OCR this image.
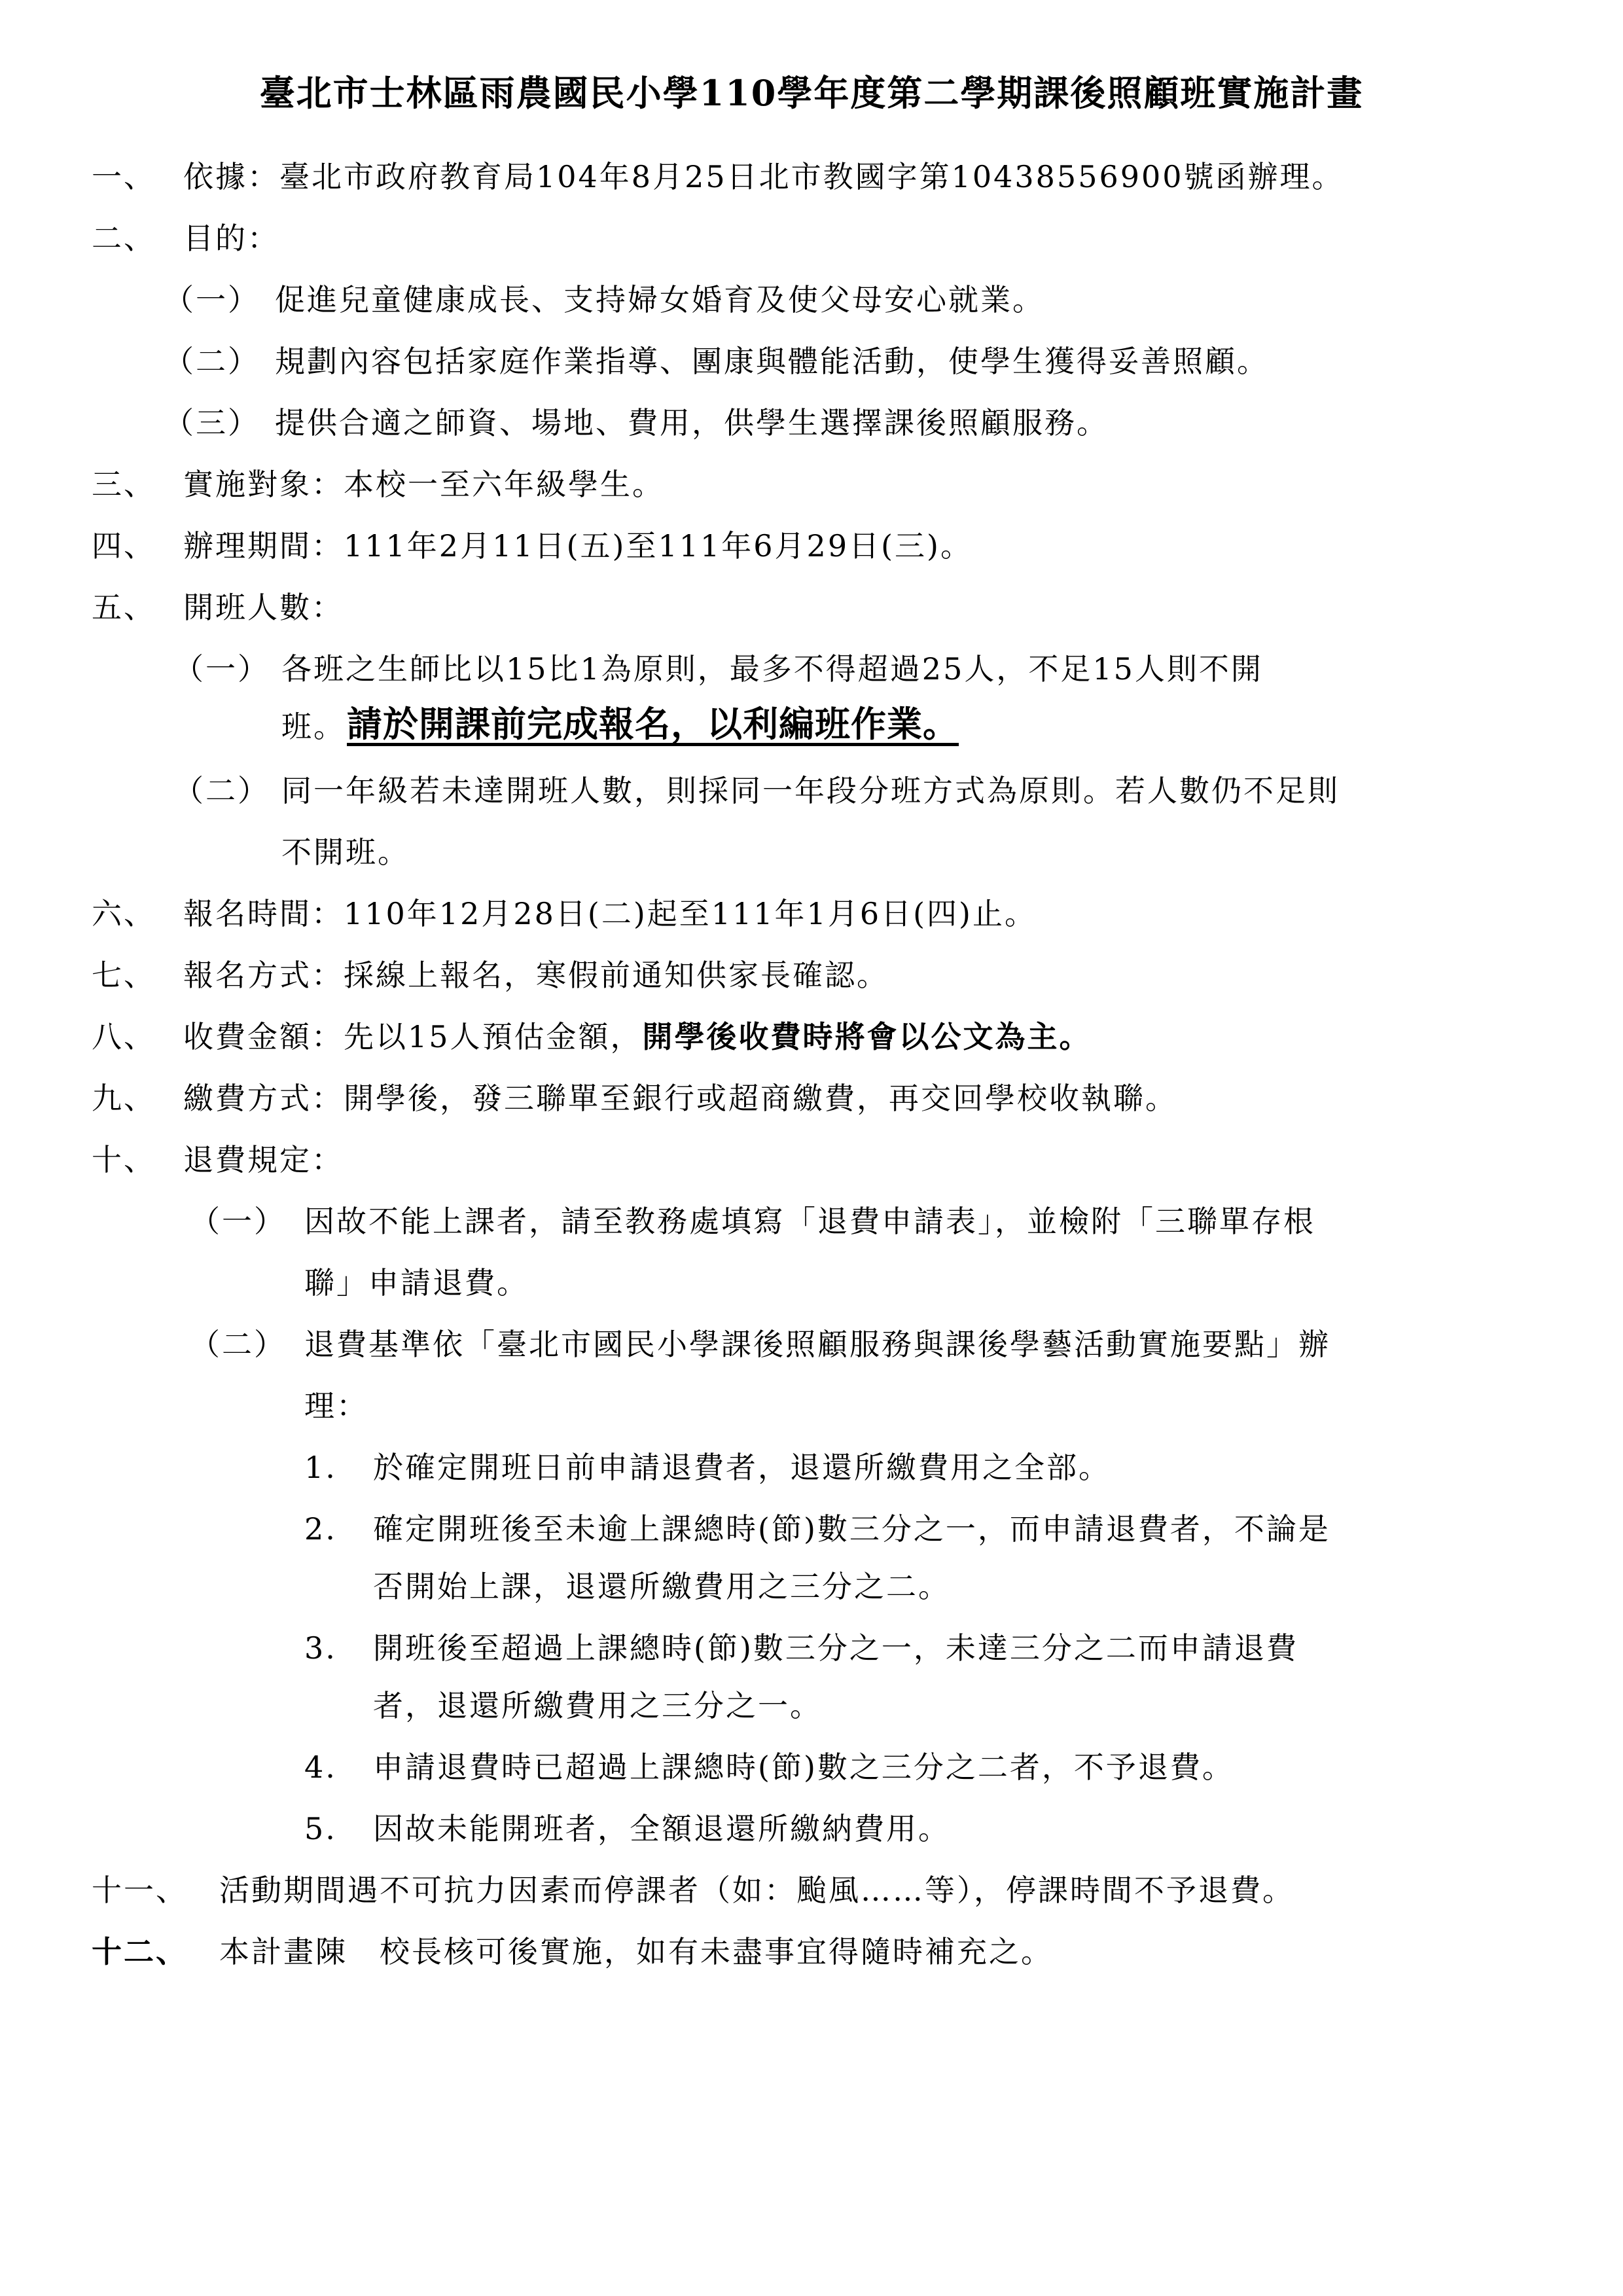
臺北市士林區雨農國民小學110學年度第二學期課後照顧班實施計畫
一、 依據：臺北市政府教育局104年8月25日北市教國字第10438556900號函辦理。
二、 目的：
（一） 促進兒童健康成長、支持婦女婚育及使父母安心就業。
（二） 規劃內容包括家庭作業指導、團康與體能活動，使學生獲得妥善照顧。
（三） 提供合適之師資、場地、費用，供學生選擇課後照顧服務。
三、 實施對象：本校一至六年級學生。
四、 辦理期間：111年2月11日(五)至111年6月29日(三)。
五、 開班人數：
（一） 各班之生師比以15比1為原則，最多不得超過25人，不足15人則不開
班。 請於開課前完成報名，以利編班作業。
（二） 同一年級若未達開班人數，則採同一年段分班方式為原則。若人數仍不足則
不開班。
六、 報名時間：110年12月28日(二)起至111年1月6日(四)止。
七、 報名方式：採線上報名，寒假前通知供家長確認。
八、 收費金額：先以15人預估金額，開學後收費時將會以公文為主。
九、 繳費方式：開學後，發三聯單至銀行或超商繳費，再交回學校收執聯。
十、 退費規定：
（一） 因故不能上課者，請至教務處填寫「退費申請表」，並檢附「三聯單存根
聯」申請退費。
（二） 退費基準依「臺北市國民小學課後照顧服務與課後學藝活動實施要點」辦
理：
1. 於確定開班日前申請退費者，退還所繳費用之全部。
2. 確定開班後至未逾上課總時(節)數三分之一，而申請退費者，不論是
否開始上課，退還所繳費用之三分之二。
3. 開班後至超過上課總時(節)數三分之一，未達三分之二而申請退費
者，退還所繳費用之三分之一。
4. 申請退費時已超過上課總時(節)數之三分之二者，不予退費。
5. 因故未能開班者，全額退還所繳納費用。
十一、 活動期間遇不可抗力因素而停課者（如：颱風……等），停課時間不予退費。
十二、 本計畫陳　校長核可後實施，如有未盡事宜得隨時補充之。
